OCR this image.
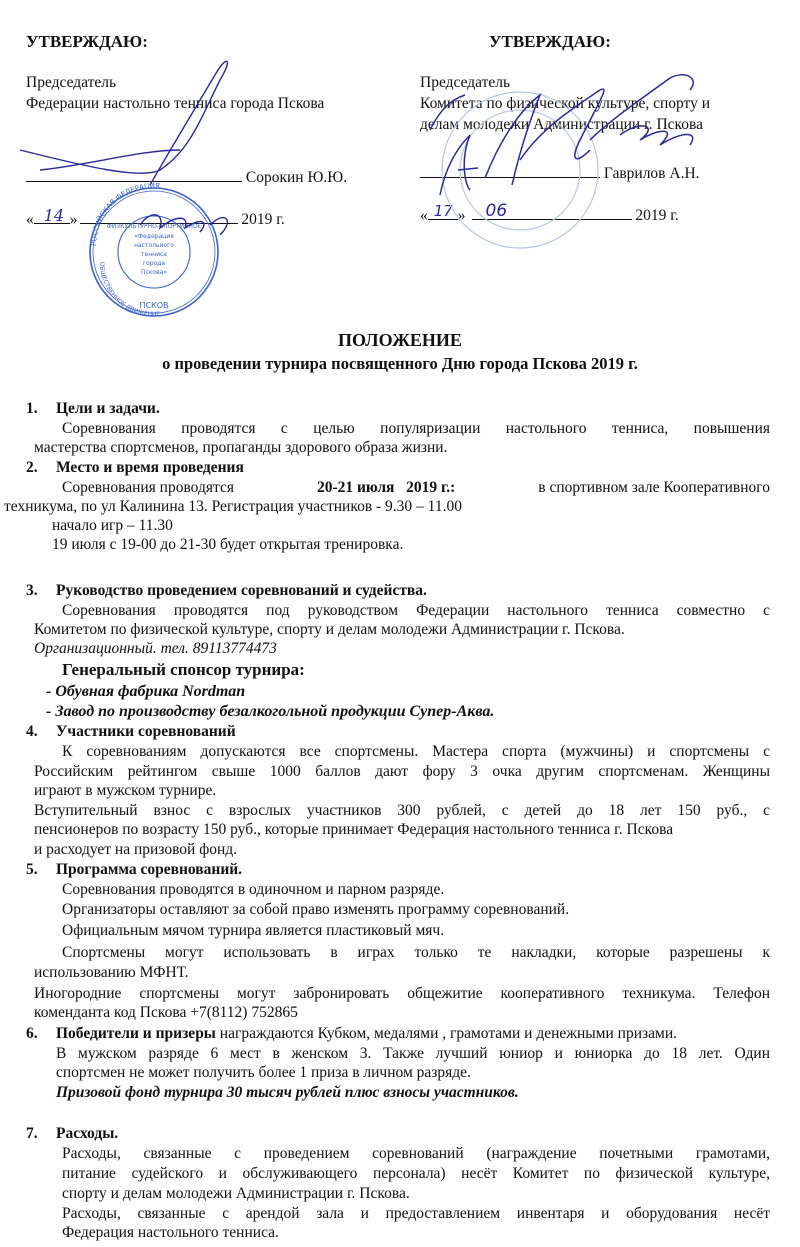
УТВЕРЖДАЮ:
Председатель
Федерации настольно тенниса города Пскова
Сорокин Ю.Ю.
« 14 »	2019 г.
УТВЕРЖДАЮ:
Председатель
Комитета по физической культуре, спорту и
делам молодежи Администрации г. Пскова
Гаврилов А.Н.
« 17 » 06	2019 г.
РОССИЙСКАЯ ФЕДЕРАЦИЯ
ОБЩЕСТВЕННОЕ ДВИЖЕНИЕ
ФИЗКУЛЬТУРНО-СПОРТИВНОЕ
«Федерация
настольного
тенниса
города
Пскова»
ПСКОВ
ПОЛОЖЕНИЕ
о проведении турнира посвященного Дню города Пскова 2019 г.
1. Цели и задачи.
Соревнования проводятся с целью популяризации настольного тенниса, повышения
мастерства спортсменов, пропаганды здорового образа жизни.
2. Место и время проведения
Соревнования проводятся	20-21 июля   2019 г.:	в спортивном зале Кооперативного
техникума, по ул Калинина 13. Регистрация участников - 9.30 – 11.00
начало игр – 11.30
19 июля с 19-00 до 21-30 будет открытая тренировка.
3. Руководство проведением соревнований и судейства.
Соревнования проводятся под руководством Федерации настольного тенниса совместно с
Комитетом по физической культуре, спорту и делам молодежи Администрации г. Пскова.
Организационный. тел. 89113774473
Генеральный спонсор турнира:
- Обувная фабрика Nordman
- Завод по производству безалкогольной продукции Супер-Аква.
4. Участники соревнований
К соревнованиям допускаются все спортсмены. Мастера спорта (мужчины) и спортсмены с
Российским рейтингом свыше 1000 баллов дают фору 3 очка другим спортсменам. Женщины
играют в мужском турнире.
Вступительный взнос с взрослых участников 300 рублей, с детей до 18 лет 150 руб., с
пенсионеров по возрасту 150 руб., которые принимает Федерация настольного тенниса г. Пскова
и расходует на призовой фонд.
5. Программа соревнований.
Соревнования проводятся в одиночном и парном разряде.
Организаторы оставляют за собой право изменять программу соревнований.
Официальным мячом турнира является пластиковый мяч.
Спортсмены могут использовать в играх только те накладки, которые разрешены к
использованию МФНТ.
Иногородние спортсмены могут забронировать общежитие кооперативного техникума. Телефон
коменданта код Пскова +7(8112) 752865
6. Победители и призеры награждаются Кубком, медалями , грамотами и денежными призами.
В мужском разряде 6 мест в женском 3. Также лучший юниор и юниорка до 18 лет. Один
спортсмен не может получить более 1 приза в личном разряде.
Призовой фонд турнира 30 тысяч рублей плюс взносы участников.
7. Расходы.
Расходы, связанные с проведением соревнований (награждение почетными грамотами,
питание судейского и обслуживающего персонала) несёт Комитет по физической культуре,
спорту и делам молодежи Администрации г. Пскова.
Расходы, связанные с арендой зала и предоставлением инвентаря и оборудования несёт
Федерация настольного тенниса.
